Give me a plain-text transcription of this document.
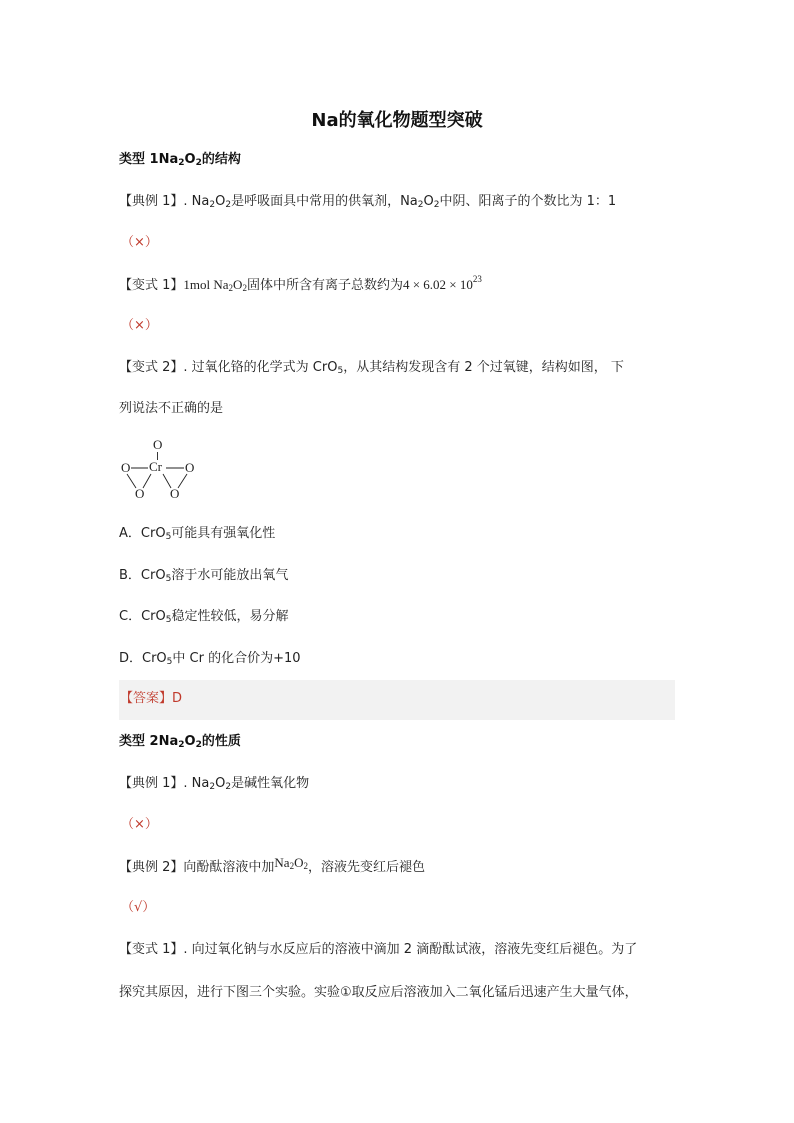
Na的氧化物题型突破
类型 $1Na_2O_2$的结构
【典例 1】. $Na_2O_2$是呼吸面具中常用的供氧剂，$Na_2O_2$中阴、阳离子的个数比为 1：1
（×）
【变式 1】1mol $Na_2O_2$固体中所含有离子总数约为$4 \times 6.02 \times 10^{23}$
（×）
【变式 2】. 过氧化铬的化学式为 CrO$_5$，从其结构发现含有 2 个过氧键，结构如图， 下
列说法不正确的是
O
O Cr O
O O
A．CrO$_5$可能具有强氧化性
B．CrO$_5$溶于水可能放出氧气
C．CrO$_5$稳定性较低，易分解
D．CrO$_5$中 Cr 的化合价为+10
【答案】D
类型 $2Na_2O_2$的性质
【典例 1】. $Na_2O_2$是碱性氧化物
（×）
【典例 2】向酚酞溶液中加$Na_2O_2$，溶液先变红后褪色
（√）
【变式 1】. 向过氧化钠与水反应后的溶液中滴加 2 滴酚酞试液，溶液先变红后褪色。为了
探究其原因，进行下图三个实验。实验①取反应后溶液加入二氧化锰后迅速产生大量气体，
